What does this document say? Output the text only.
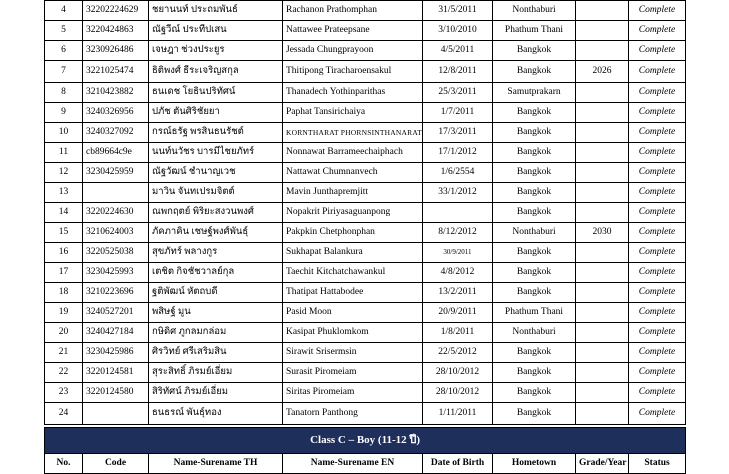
4	32202224629	ชยานนท์ ประถมพันธ์	Rachanon Prathomphan	31/5/2011	Nonthaburi		Complete
5	3220424863	ณัฐวีณ์ ประทีปเสน	Nattawee Prateepsane	3/10/2010	Phathum Thani		Complete
6	3230926486	เจษฎา ช่วงประยูร	Jessada Chungprayoon	4/5/2011	Bangkok		Complete
7	3221025474	ธิติพงศ์ ธีระเจริญสกุล	Thitipong Tiracharoensakul	12/8/2011	Bangkok	2026	Complete
8	3210423882	ธนเดช โยธินปริทัศน์	Thanadech Yothinparithas	25/3/2011	Samutprakarn		Complete
9	3240326956	ปภัช ตันศิริชัยยา	Paphat Tansirichaiya	1/7/2011	Bangkok		Complete
10	3240327092	กรณ์ธรัฐ พรสินธนรัชต์	KORNTHARAT PHORNSINTHANARAT	17/3/2011	Bangkok		Complete
11	cb89664c9e	นนท์นวัชร บารมีไชยภัทร์	Nonnawat Barrameechaiphach	17/1/2012	Bangkok		Complete
12	3230425959	ณัฐวัฒน์ ชำนาญเวช	Nattawat Chumnanvech	1/6/2554	Bangkok		Complete
13		มาวิน จันทเปรมจิตต์	Mavin Junthapremjitt	33/1/2012	Bangkok		Complete
14	3220224630	ณพกฤตย์ พิริยะสงวนพงศ์	Nopakrit Piriyasaguanpong		Bangkok		Complete
15	3210624003	ภัคภาคิน เชษฐ์พงศ์พันธุ์	Pakpkin Chetphonphan	8/12/2012	Nonthaburi	2030	Complete
16	3220525038	สุขภัทร์ พลางกูร	Sukhapat Balankura	30/9/2011	Bangkok		Complete
17	3230425993	เตชิต กิจชัชวาลย์กุล	Taechit Kitchatchawankul	4/8/2012	Bangkok		Complete
18	3210223696	ฐติพัฒน์ หัตถบดี	Thatipat Hattabodee	13/2/2011	Bangkok		Complete
19	3240527201	พสิษฐ์ มูน	Pasid Moon	20/9/2011	Phathum Thani		Complete
20	3240427184	กษิดิศ ภูกลมกล่อม	Kasipat Phuklomkom	1/8/2011	Nonthaburi		Complete
21	3230425986	ศิรวิทย์ ศรีเสริมสิน	Sirawit Srisermsin	22/5/2012	Bangkok		Complete
22	3220124581	สุระสิทธิ์ ภิรมย์เอี่ยม	Surasit Piromeiam	28/10/2012	Bangkok		Complete
23	3220124580	สิริทัศน์ ภิรมย์เอี่ยม	Siritas Piromeiam	28/10/2012	Bangkok		Complete
24		ธนธรณ์ พันธุ์ทอง	Tanatorn Panthong	1/11/2011	Bangkok		Complete
Class C – Boy (11-12 ปี)
No.	Code	Name-Surename TH	Name-Surename EN	Date of Birth	Hometown	Grade/Year	Status
